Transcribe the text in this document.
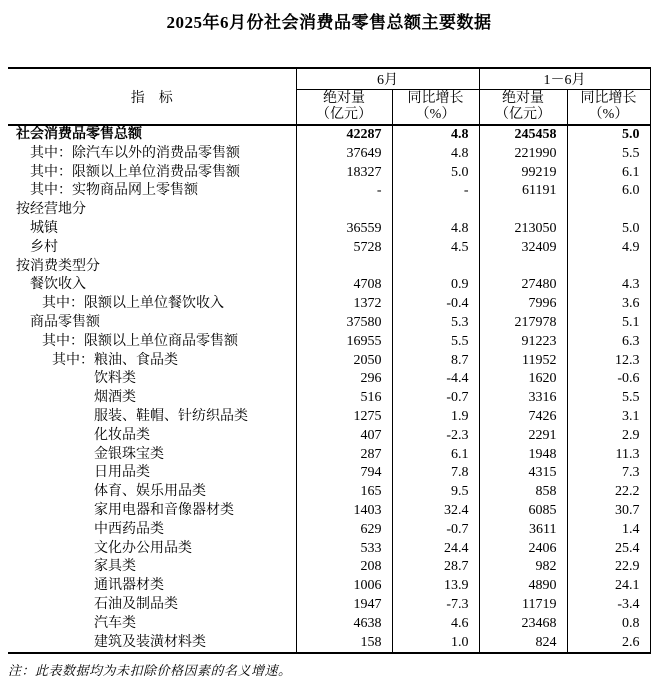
2025年6月份社会消费品零售总额主要数据
指　标	6月		1－6月	

绝对量
（亿元）

同比增长
（%）

绝对量
（亿元）

同比增长
（%）

社会消费品零售总额	42287	4.8	245458	5.0
其中：除汽车以外的消费品零售额	37649	4.8	221990	5.5
其中：限额以上单位消费品零售额	18327	5.0	99219	6.1
其中：实物商品网上零售额	-	-	61191	6.0
按经营地分				
城镇	36559	4.8	213050	5.0
乡村	5728	4.5	32409	4.9
按消费类型分				
餐饮收入	4708	0.9	27480	4.3
其中：限额以上单位餐饮收入	1372	-0.4	7996	3.6
商品零售额	37580	5.3	217978	5.1
其中：限额以上单位商品零售额	16955	5.5	91223	6.3
其中：粮油、食品类	2050	8.7	11952	12.3
饮料类	296	-4.4	1620	-0.6
烟酒类	516	-0.7	3316	5.5
服装、鞋帽、针纺织品类	1275	1.9	7426	3.1
化妆品类	407	-2.3	2291	2.9
金银珠宝类	287	6.1	1948	11.3
日用品类	794	7.8	4315	7.3
体育、娱乐用品类	165	9.5	858	22.2
家用电器和音像器材类	1403	32.4	6085	30.7
中西药品类	629	-0.7	3611	1.4
文化办公用品类	533	24.4	2406	25.4
家具类	208	28.7	982	22.9
通讯器材类	1006	13.9	4890	24.1
石油及制品类	1947	-7.3	11719	-3.4
汽车类	4638	4.6	23468	0.8
建筑及装潢材料类	158	1.0	824	2.6
注：此表数据均为未扣除价格因素的名义增速。
